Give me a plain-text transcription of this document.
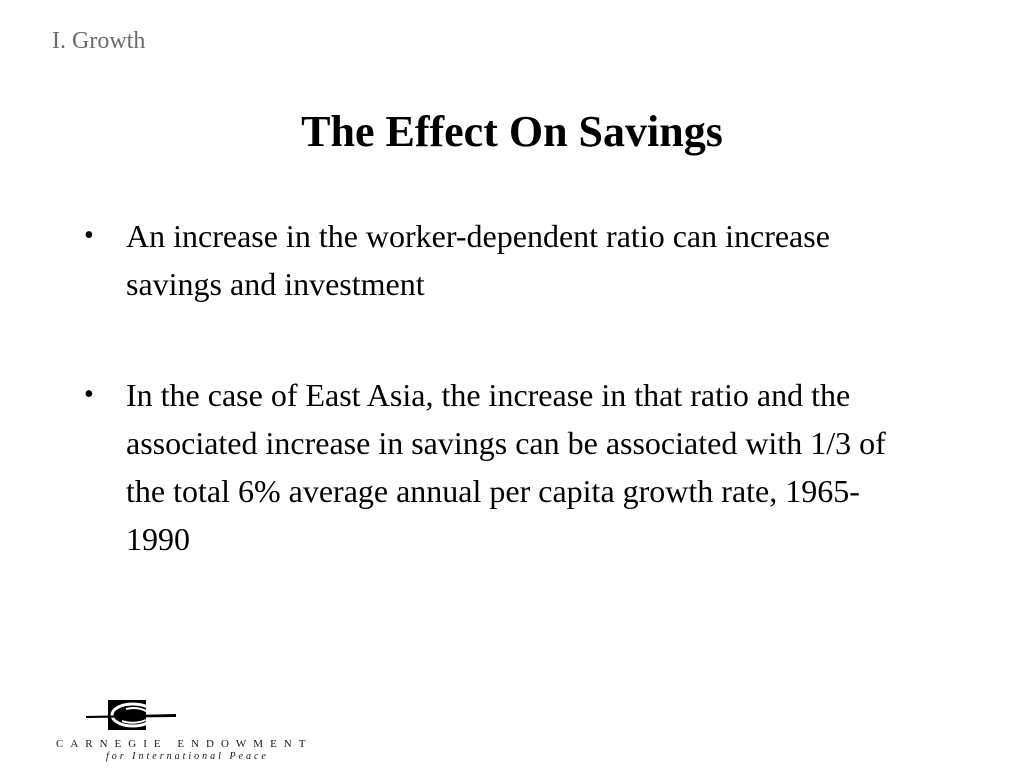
I. Growth
The Effect On Savings
•	An increase in the worker-dependent ratio can increase savings and investment
•	In the case of East Asia, the increase in that ratio and the associated increase in savings can be associated with 1/3 of the total 6% average annual per capita growth rate, 1965-1990
CARNEGIE ENDOWMENT
for International Peace
